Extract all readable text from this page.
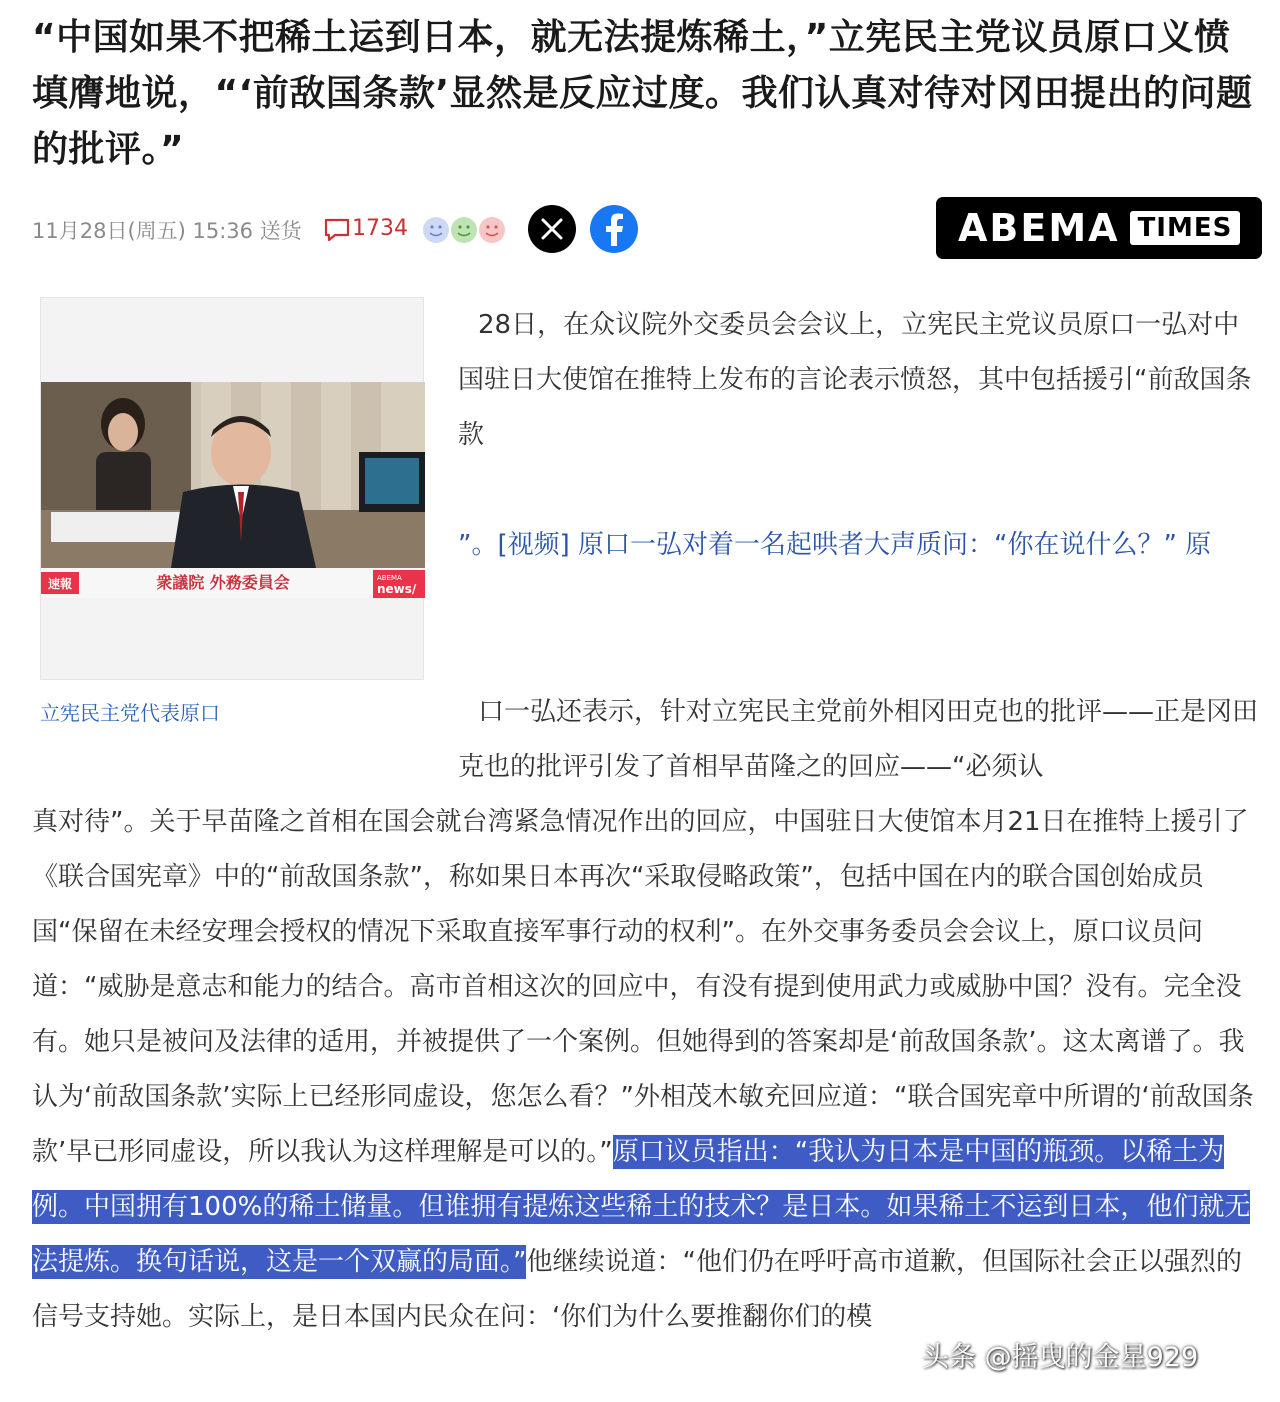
“中国如果不把稀土运到日本，就无法提炼稀土，”立宪民主党议员原口义愤填膺地说，“‘前敌国条款’显然是反应过度。我们认真对待对冈田提出的问题的批评。”
11月28日(周五) 15:36 送货 1734	ABEMA TIMES
速報	衆議院 外務委員会	ABEMA
news/
立宪民主党代表原口

28日，在众议院外交委员会会议上，立宪民主党议员原口一弘对中国驻日大使馆在推特上发布的言论表示愤怒，其中包括援引“前敌国条款

”。[视频] 原口一弘对着一名起哄者大声质问：“你在说什么？” 原

口一弘还表示，针对立宪民主党前外相冈田克也的批评——正是冈田克也的批评引发了首相早苗隆之的回应——“必须认

真对待”。关于早苗隆之首相在国会就台湾紧急情况作出的回应，中国驻日大使馆本月21日在推特上援引了《联合国宪章》中的“前敌国条款”，称如果日本再次“采取侵略政策”，包括中国在内的联合国创始成员国“保留在未经安理会授权的情况下采取直接军事行动的权利”。在外交事务委员会会议上，原口议员问道：“威胁是意志和能力的结合。高市首相这次的回应中，有没有提到使用武力或威胁中国？没有。完全没有。她只是被问及法律的适用，并被提供了一个案例。但她得到的答案却是‘前敌国条款’。这太离谱了。我认为‘前敌国条款’实际上已经形同虚设，您怎么看？”外相茂木敏充回应道：“联合国宪章中所谓的‘前敌国条款’早已形同虚设，所以我认为这样理解是可以的。”原口议员指出：“我认为日本是中国的瓶颈。以稀土为例。中国拥有100%的稀土储量。但谁拥有提炼这些稀土的技术？是日本。如果稀土不运到日本，他们就无法提炼。换句话说，这是一个双赢的局面。”他继续说道：“他们仍在呼吁高市道歉，但国际社会正以强烈的信号支持她。实际上，是日本国内民众在问：‘你们为什么要推翻你们的模

头条 @摇曳的金星929
